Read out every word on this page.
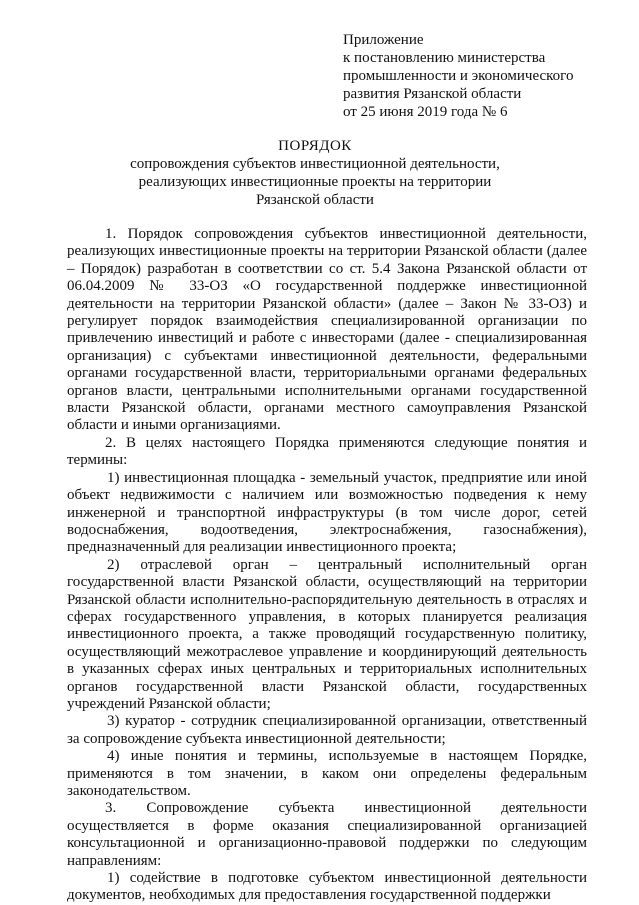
Приложение
к постановлению министерства
промышленности и экономического
развития Рязанской области
от 25 июня 2019 года № 6
ПОРЯДОК
сопровождения субъектов инвестиционной деятельности,
реализующих инвестиционные проекты на территории
Рязанской области

1. Порядок сопровождения субъектов инвестиционной деятельности, реализующих инвестиционные проекты на территории Рязанской области (далее – Порядок) разработан в соответствии со ст. 5.4 Закона Рязанской области от 06.04.2009 № 33-ОЗ «О государственной поддержке инвестиционной деятельности на территории Рязанской области» (далее – Закон № 33-ОЗ) и регулирует порядок взаимодействия специализированной организации по привлечению инвестиций и работе с инвесторами (далее - специализированная организация) с субъектами инвестиционной деятельности, федеральными органами государственной власти, территориальными органами федеральных органов власти, центральными исполнительными органами государственной власти Рязанской области, органами местного самоуправления Рязанской области и иными организациями.

2. В целях настоящего Порядка применяются следующие понятия и термины:

1) инвестиционная площадка - земельный участок, предприятие или иной объект недвижимости с наличием или возможностью подведения к нему инженерной и транспортной инфраструктуры (в том числе дорог, сетей водоснабжения, водоотведения, электроснабжения, газоснабжения), предназначенный для реализации инвестиционного проекта;

2) отраслевой орган – центральный исполнительный орган государственной власти Рязанской области, осуществляющий на территории Рязанской области исполнительно-распорядительную деятельность в отраслях и сферах государственного управления, в которых планируется реализация инвестиционного проекта, а также проводящий государственную политику, осуществляющий межотраслевое управление и координирующий деятельность в указанных сферах иных центральных и территориальных исполнительных органов государственной власти Рязанской области, государственных учреждений Рязанской области;

3) куратор - сотрудник специализированной организации, ответственный за сопровождение субъекта инвестиционной деятельности;

4) иные понятия и термины, используемые в настоящем Порядке, применяются в том значении, в каком они определены федеральным законодательством.

3. Сопровождение субъекта инвестиционной деятельности осуществляется в форме оказания специализированной организацией консультационной и организационно-правовой поддержки по следующим направлениям:

1) содействие в подготовке субъектом инвестиционной деятельности документов, необходимых для предоставления государственной поддержки
